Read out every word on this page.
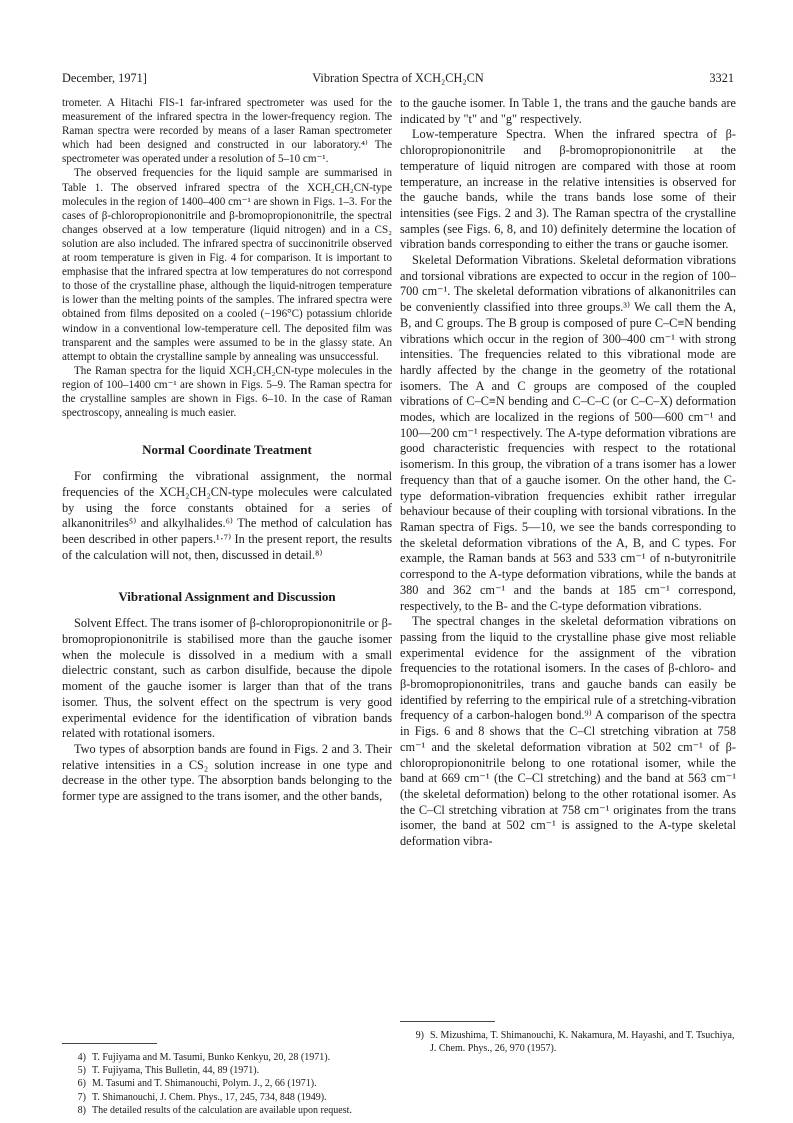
December, 1971]	Vibration Spectra of XCH₂CH₂CN	3321

trometer. A Hitachi FIS-1 far-infrared spectrometer was used for the measurement of the infrared spectra in the lower-frequency region. The Raman spectra were recorded by means of a laser Raman spectrometer which had been designed and constructed in our laboratory.⁴⁾ The spectrometer was operated under a resolution of 5–10 cm⁻¹.

The observed frequencies for the liquid sample are summarised in Table 1. The observed infrared spectra of the XCH₂CH₂CN-type molecules in the region of 1400–400 cm⁻¹ are shown in Figs. 1–3. For the cases of β-chloropropiononitrile and β-bromopropiononitrile, the spectral changes observed at a low temperature (liquid nitrogen) and in a CS₂ solution are also included. The infrared spectra of succinonitrile observed at room temperature is given in Fig. 4 for comparison. It is important to emphasise that the infrared spectra at low temperatures do not correspond to those of the crystalline phase, although the liquid-nitrogen temperature is lower than the melting points of the samples. The infrared spectra were obtained from films deposited on a cooled (−196°C) potassium chloride window in a conventional low-temperature cell. The deposited film was transparent and the samples were assumed to be in the glassy state. An attempt to obtain the crystalline sample by annealing was unsuccessful.

The Raman spectra for the liquid XCH₂CH₂CN-type molecules in the region of 100–1400 cm⁻¹ are shown in Figs. 5–9. The Raman spectra for the crystalline samples are shown in Figs. 6–10. In the case of Raman spectroscopy, annealing is much easier.

Normal Coordinate Treatment

For confirming the vibrational assignment, the normal frequencies of the XCH₂CH₂CN-type molecules were calculated by using the force constants obtained for a series of alkanonitriles⁵⁾ and alkylhalides.⁶⁾ The method of calculation has been described in other papers.¹·⁷⁾ In the present report, the results of the calculation will not, then, discussed in detail.⁸⁾

Vibrational Assignment and Discussion

Solvent Effect. The trans isomer of β-chloropropiononitrile or β-bromopropiononitrile is stabilised more than the gauche isomer when the molecule is dissolved in a medium with a small dielectric constant, such as carbon disulfide, because the dipole moment of the gauche isomer is larger than that of the trans isomer. Thus, the solvent effect on the spectrum is very good experimental evidence for the identification of vibration bands related with rotational isomers.

Two types of absorption bands are found in Figs. 2 and 3. Their relative intensities in a CS₂ solution increase in one type and decrease in the other type. The absorption bands belonging to the former type are assigned to the trans isomer, and the other bands,

4) T. Fujiyama and M. Tasumi, Bunko Kenkyu, 20, 28 (1971).
5) T. Fujiyama, This Bulletin, 44, 89 (1971).
6) M. Tasumi and T. Shimanouchi, Polym. J., 2, 66 (1971).
7) T. Shimanouchi, J. Chem. Phys., 17, 245, 734, 848 (1949).
8) The detailed results of the calculation are available upon request.

to the gauche isomer. In Table 1, the trans and the gauche bands are indicated by "t" and "g" respectively.

Low-temperature Spectra. When the infrared spectra of β-chloropropiononitrile and β-bromopropiononitrile at the temperature of liquid nitrogen are compared with those at room temperature, an increase in the relative intensities is observed for the gauche bands, while the trans bands lose some of their intensities (see Figs. 2 and 3). The Raman spectra of the crystalline samples (see Figs. 6, 8, and 10) definitely determine the location of vibration bands corresponding to either the trans or gauche isomer.

Skeletal Deformation Vibrations. Skeletal deformation vibrations and torsional vibrations are expected to occur in the region of 100–700 cm⁻¹. The skeletal deformation vibrations of alkanonitriles can be conveniently classified into three groups.³⁾ We call them the A, B, and C groups. The B group is composed of pure C–C≡N bending vibrations which occur in the region of 300–400 cm⁻¹ with strong intensities. The frequencies related to this vibrational mode are hardly affected by the change in the geometry of the rotational isomers. The A and C groups are composed of the coupled vibrations of C–C≡N bending and C–C–C (or C–C–X) deformation modes, which are localized in the regions of 500—600 cm⁻¹ and 100—200 cm⁻¹ respectively. The A-type deformation vibrations are good characteristic frequencies with respect to the rotational isomerism. In this group, the vibration of a trans isomer has a lower frequency than that of a gauche isomer. On the other hand, the C-type deformation-vibration frequencies exhibit rather irregular behaviour because of their coupling with torsional vibrations. In the Raman spectra of Figs. 5—10, we see the bands corresponding to the skeletal deformation vibrations of the A, B, and C types. For example, the Raman bands at 563 and 533 cm⁻¹ of n-butyronitrile correspond to the A-type deformation vibrations, while the bands at 380 and 362 cm⁻¹ and the bands at 185 cm⁻¹ correspond, respectively, to the B- and the C-type deformation vibrations.

The spectral changes in the skeletal deformation vibrations on passing from the liquid to the crystalline phase give most reliable experimental evidence for the assignment of the vibration frequencies to the rotational isomers. In the cases of β-chloro- and β-bromopropiononitriles, trans and gauche bands can easily be identified by referring to the empirical rule of a stretching-vibration frequency of a carbon-halogen bond.⁹⁾ A comparison of the spectra in Figs. 6 and 8 shows that the C–Cl stretching vibration at 758 cm⁻¹ and the skeletal deformation vibration at 502 cm⁻¹ of β-chloropropiononitrile belong to one rotational isomer, while the band at 669 cm⁻¹ (the C–Cl stretching) and the band at 563 cm⁻¹ (the skeletal deformation) belong to the other rotational isomer. As the C–Cl stretching vibration at 758 cm⁻¹ originates from the trans isomer, the band at 502 cm⁻¹ is assigned to the A-type skeletal deformation vibra-

9) S. Mizushima, T. Shimanouchi, K. Nakamura, M. Hayashi, and T. Tsuchiya, J. Chem. Phys., 26, 970 (1957).
